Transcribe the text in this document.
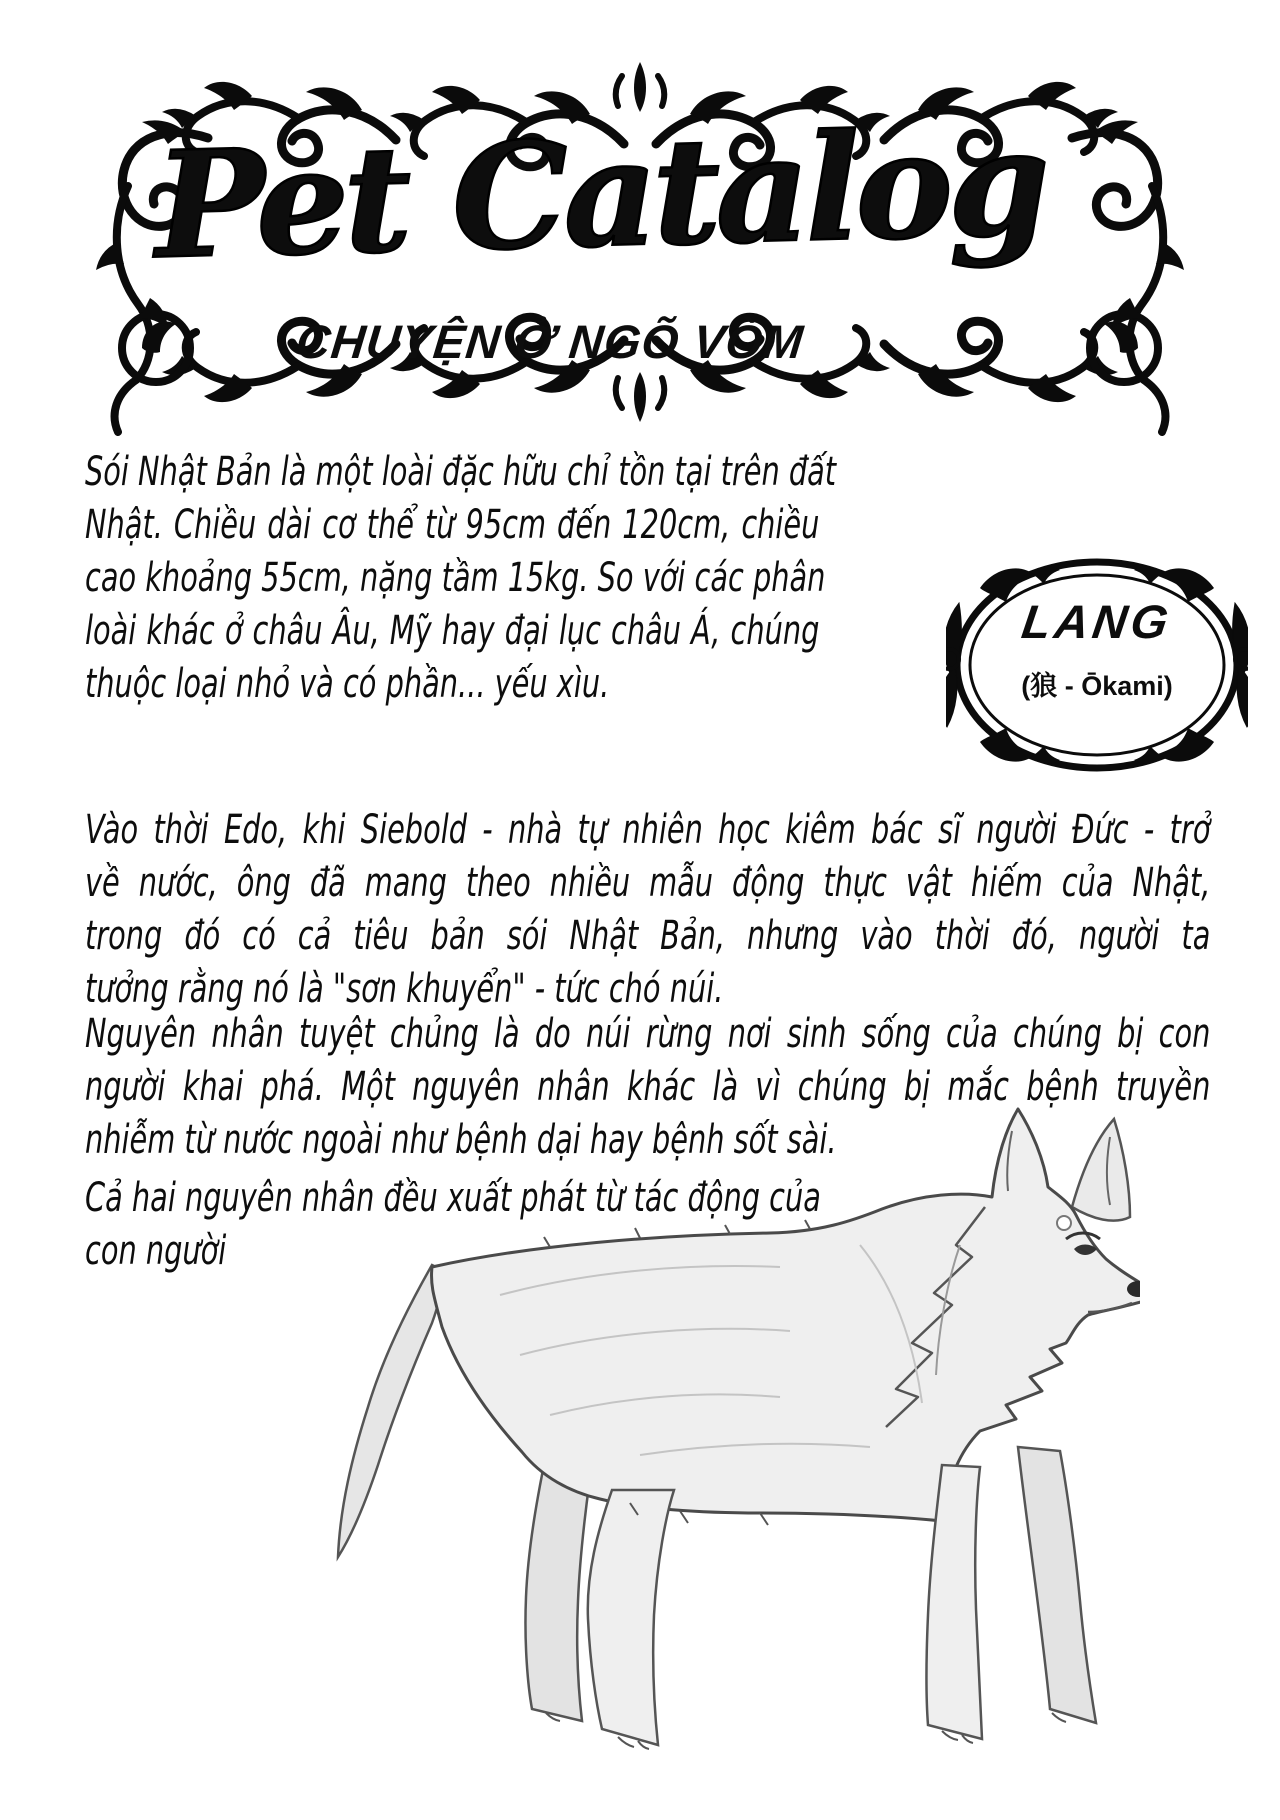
Pet Catalog
CHUYỆN Ở NGÕ VÒM
LANG
(狼 - Ōkami)
Sói Nhật Bản là một loài đặc hữu chỉ tồn tại trên đất
Nhật. Chiều dài cơ thể từ 95cm đến 120cm, chiều
cao khoảng 55cm, nặng tầm 15kg. So với các phân
loài khác ở châu Âu, Mỹ hay đại lục châu Á, chúng
thuộc loại nhỏ và có phần... yếu xìu.
Vào thời Edo, khi Siebold - nhà tự nhiên học kiêm bác sĩ người Đức - trở
về nước, ông đã mang theo nhiều mẫu động thực vật hiếm của Nhật,
trong đó có cả tiêu bản sói Nhật Bản, nhưng vào thời đó, người ta
tưởng rằng nó là "sơn khuyển" - tức chó núi.
Nguyên nhân tuyệt chủng là do núi rừng nơi sinh sống của chúng bị con
người khai phá. Một nguyên nhân khác là vì chúng bị mắc bệnh truyền
nhiễm từ nước ngoài như bệnh dại hay bệnh sốt sài.
Cả hai nguyên nhân đều xuất phát từ tác động của
con người
